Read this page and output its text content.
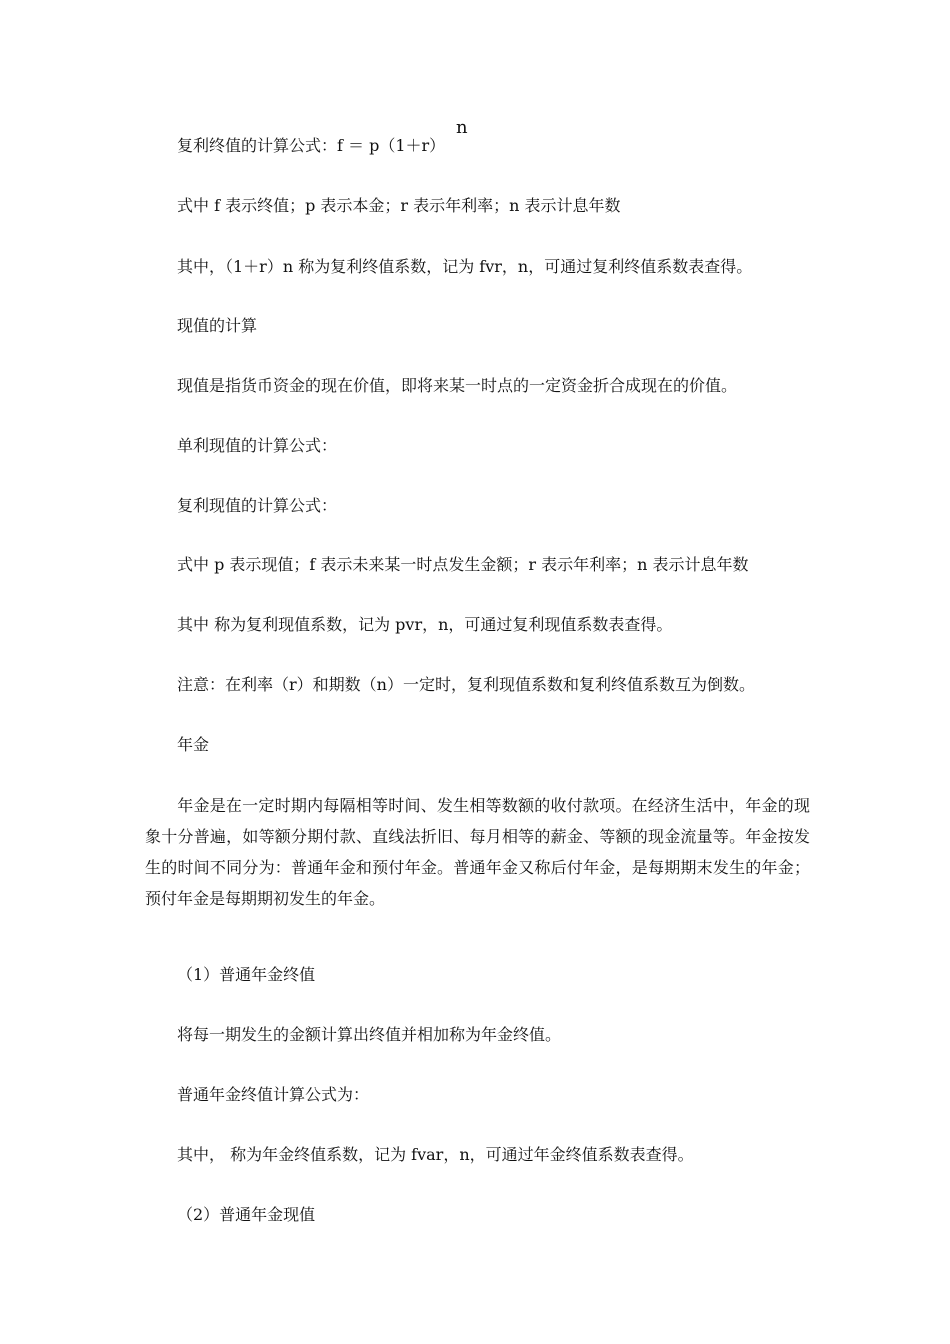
n
复利终值的计算公式：f ＝ p（1＋r）
式中 f 表示终值；p 表示本金；r 表示年利率；n 表示计息年数
其中，（1＋r）n 称为复利终值系数，记为 fvr，n，可通过复利终值系数表查得。
现值的计算
现值是指货币资金的现在价值，即将来某一时点的一定资金折合成现在的价值。
单利现值的计算公式：
复利现值的计算公式：
式中 p 表示现值；f 表示未来某一时点发生金额；r 表示年利率；n 表示计息年数
其中 称为复利现值系数，记为 pvr，n，可通过复利现值系数表查得。
注意：在利率（r）和期数（n）一定时，复利现值系数和复利终值系数互为倒数。
年金
年金是在一定时期内每隔相等时间、发生相等数额的收付款项。在经济生活中，年金的现象十分普遍，如等额分期付款、直线法折旧、每月相等的薪金、等额的现金流量等。年金按发生的时间不同分为：普通年金和预付年金。普通年金又称后付年金，是每期期末发生的年金；预付年金是每期期初发生的年金。
（1）普通年金终值
将每一期发生的金额计算出终值并相加称为年金终值。
普通年金终值计算公式为：
其中， 称为年金终值系数，记为 fvar，n，可通过年金终值系数表查得。
（2）普通年金现值
